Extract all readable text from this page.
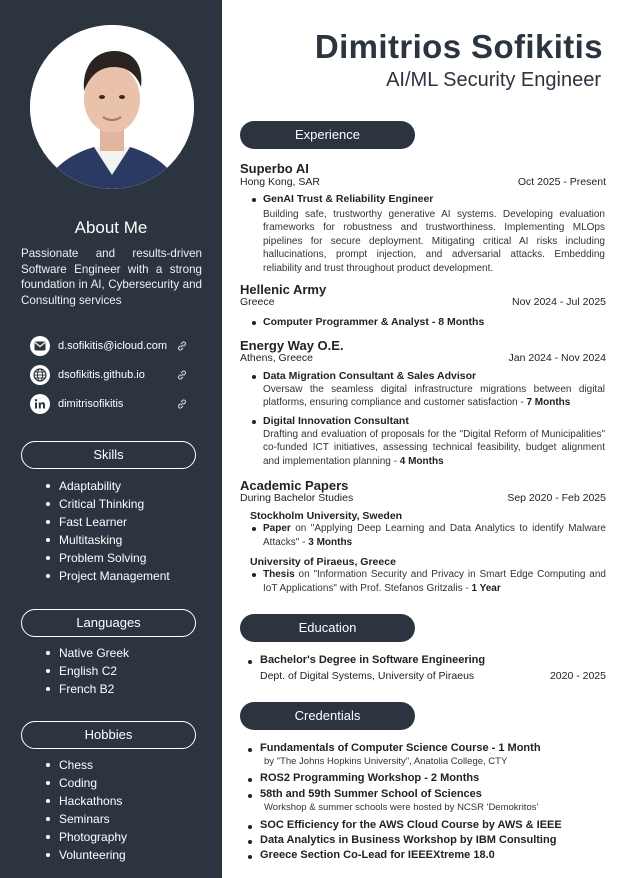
About Me
Passionate and results-driven Software Engineer with a strong foundation in AI, Cybersecurity and Consulting services
d.sofikitis@icloud.com
dsofikitis.github.io
dimitrisofikitis
Skills
Adaptability
Critical Thinking
Fast Learner
Multitasking
Problem Solving
Project Management
Languages
Native Greek
English C2
French B2
Hobbies
Chess
Coding
Hackathons
Seminars
Photography
Volunteering
Dimitrios Sofikitis
AI/ML Security Engineer
Experience
Superbo AI
Hong Kong, SAR	Oct 2025 - Present
GenAI Trust & Reliability Engineer
Building safe, trustworthy generative AI systems. Developing evaluation frameworks for robustness and trustworthiness. Implementing MLOps pipelines for secure deployment. Mitigating critical AI risks including hallucinations, prompt injection, and adversarial attacks. Embedding reliability and trust throughout product development.
Hellenic Army
Greece	Nov 2024 - Jul 2025
Computer Programmer & Analyst - 8 Months
Energy Way O.E.
Athens, Greece	Jan 2024 - Nov 2024
Data Migration Consultant & Sales Advisor
Oversaw the seamless digital infrastructure migrations between digital platforms, ensuring compliance and customer satisfaction - 7 Months
Digital Innovation Consultant
Drafting and evaluation of proposals for the "Digital Reform of Municipalities" co-funded ICT initiatives, assessing technical feasibility, budget alignment and implementation planning - 4 Months
Academic Papers
During Bachelor Studies	Sep 2020 - Feb 2025
Stockholm University, Sweden
Paper on "Applying Deep Learning and Data Analytics to identify Malware Attacks" - 3 Months
University of Piraeus, Greece
Thesis on "Information Security and Privacy in Smart Edge Computing and IoT Applications" with Prof. Stefanos Gritzalis - 1 Year
Education
Bachelor's Degree in Software Engineering
Dept. of Digital Systems, University of Piraeus	2020 - 2025
Credentials
Fundamentals of Computer Science Course - 1 Month
by "The Johns Hopkins University", Anatolia College, CTY
ROS2 Programming Workshop - 2 Months
58th and 59th Summer School of Sciences
Workshop & summer schools were hosted by NCSR 'Demokritos'
SOC Efficiency for the AWS Cloud Course by AWS & IEEE
Data Analytics in Business Workshop by IBM Consulting
Greece Section Co-Lead for IEEEXtreme 18.0
